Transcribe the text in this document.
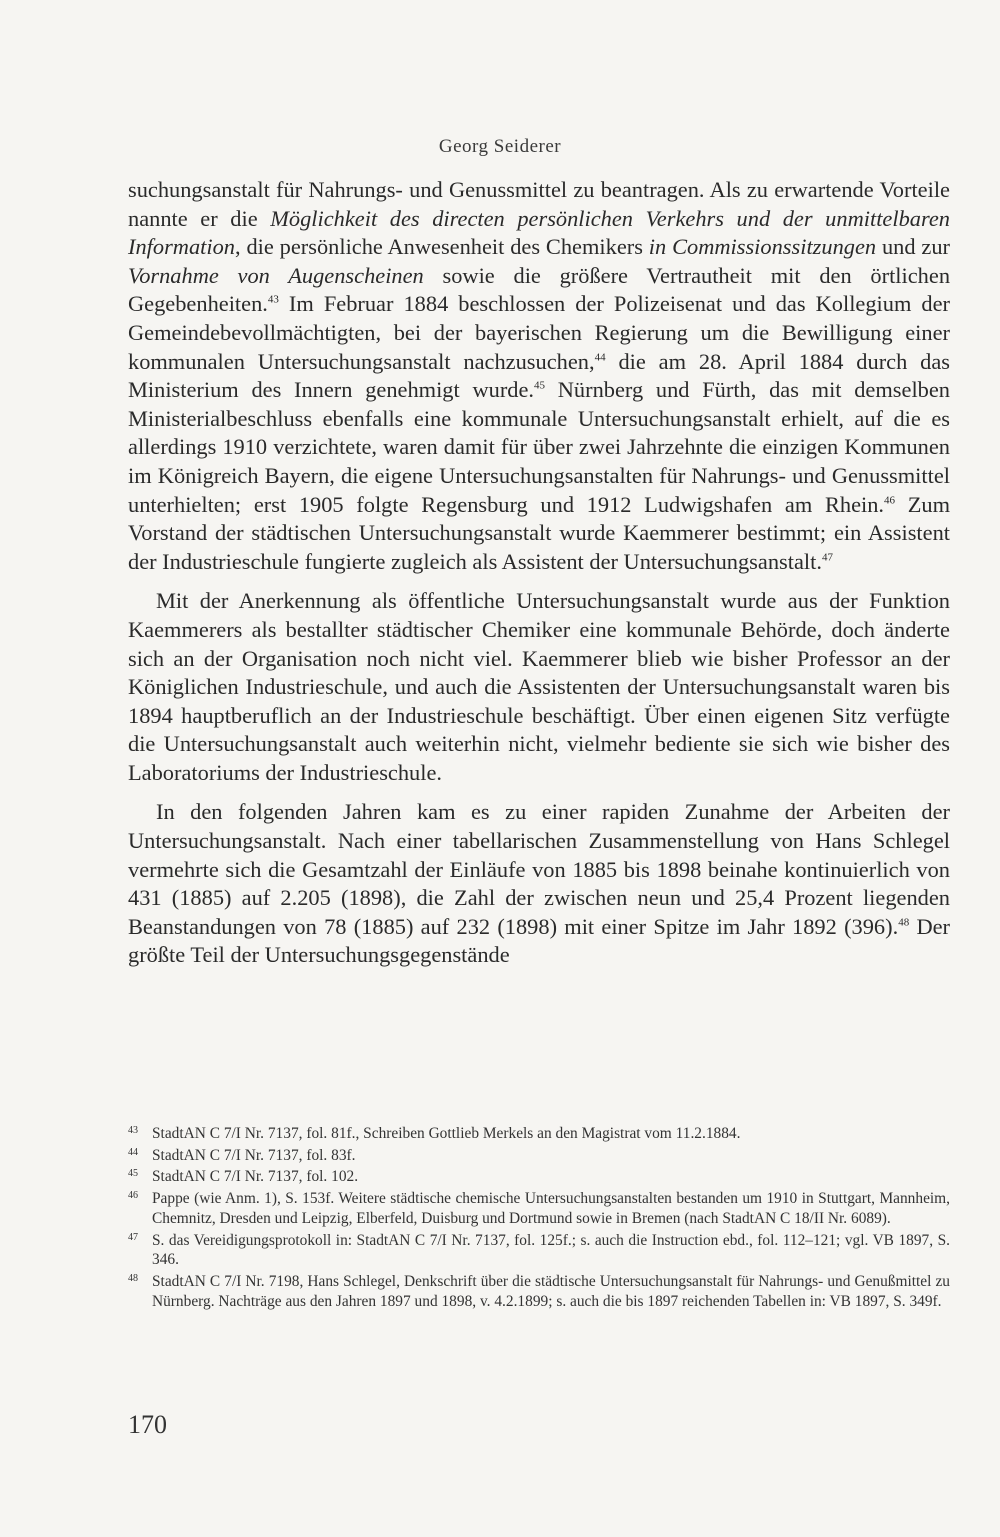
Georg Seiderer

suchungsanstalt für Nahrungs- und Genussmittel zu beantragen. Als zu erwartende Vorteile nannte er die Möglichkeit des directen persönlichen Verkehrs und der unmittelbaren Information, die persönliche Anwesenheit des Chemikers in Commissionssitzungen und zur Vornahme von Augenscheinen sowie die größere Vertrautheit mit den örtlichen Gegebenheiten.$^{43}$ Im Februar 1884 beschlossen der Polizeisenat und das Kollegium der Gemeindebevollmächtigten, bei der bayerischen Regierung um die Bewilligung einer kommunalen Untersuchungsanstalt nachzusuchen,$^{44}$ die am 28. April 1884 durch das Ministerium des Innern genehmigt wurde.$^{45}$ Nürnberg und Fürth, das mit demselben Ministerialbeschluss ebenfalls eine kommunale Untersuchungsanstalt erhielt, auf die es allerdings 1910 verzichtete, waren damit für über zwei Jahrzehnte die einzigen Kommunen im Königreich Bayern, die eigene Untersuchungsanstalten für Nahrungs- und Genussmittel unterhielten; erst 1905 folgte Regensburg und 1912 Ludwigshafen am Rhein.$^{46}$ Zum Vorstand der städtischen Untersuchungsanstalt wurde Kaemmerer bestimmt; ein Assistent der Industrieschule fungierte zugleich als Assistent der Untersuchungsanstalt.$^{47}$

Mit der Anerkennung als öffentliche Untersuchungsanstalt wurde aus der Funktion Kaemmerers als bestallter städtischer Chemiker eine kommunale Behörde, doch änderte sich an der Organisation noch nicht viel. Kaemmerer blieb wie bisher Professor an der Königlichen Industrieschule, und auch die Assistenten der Untersuchungsanstalt waren bis 1894 hauptberuflich an der Industrieschule beschäftigt. Über einen eigenen Sitz verfügte die Untersuchungsanstalt auch weiterhin nicht, vielmehr bediente sie sich wie bisher des Laboratoriums der Industrieschule.

In den folgenden Jahren kam es zu einer rapiden Zunahme der Arbeiten der Untersuchungsanstalt. Nach einer tabellarischen Zusammenstellung von Hans Schlegel vermehrte sich die Gesamtzahl der Einläufe von 1885 bis 1898 beinahe kontinuierlich von 431 (1885) auf 2.205 (1898), die Zahl der zwischen neun und 25,4 Prozent liegenden Beanstandungen von 78 (1885) auf 232 (1898) mit einer Spitze im Jahr 1892 (396).$^{48}$ Der größte Teil der Untersuchungsgegenstände

43 StadtAN C 7/I Nr. 7137, fol. 81f., Schreiben Gottlieb Merkels an den Magistrat vom 11.2.1884.
44 StadtAN C 7/I Nr. 7137, fol. 83f.
45 StadtAN C 7/I Nr. 7137, fol. 102.
46 Pappe (wie Anm. 1), S. 153f. Weitere städtische chemische Untersuchungsanstalten bestanden um 1910 in Stuttgart, Mannheim, Chemnitz, Dresden und Leipzig, Elberfeld, Duisburg und Dortmund sowie in Bremen (nach StadtAN C 18/II Nr. 6089).
47 S. das Vereidigungsprotokoll in: StadtAN C 7/I Nr. 7137, fol. 125f.; s. auch die Instruction ebd., fol. 112–121; vgl. VB 1897, S. 346.
48 StadtAN C 7/I Nr. 7198, Hans Schlegel, Denkschrift über die städtische Untersuchungsanstalt für Nahrungs- und Genußmittel zu Nürnberg. Nachträge aus den Jahren 1897 und 1898, v. 4.2.1899; s. auch die bis 1897 reichenden Tabellen in: VB 1897, S. 349f.
170
